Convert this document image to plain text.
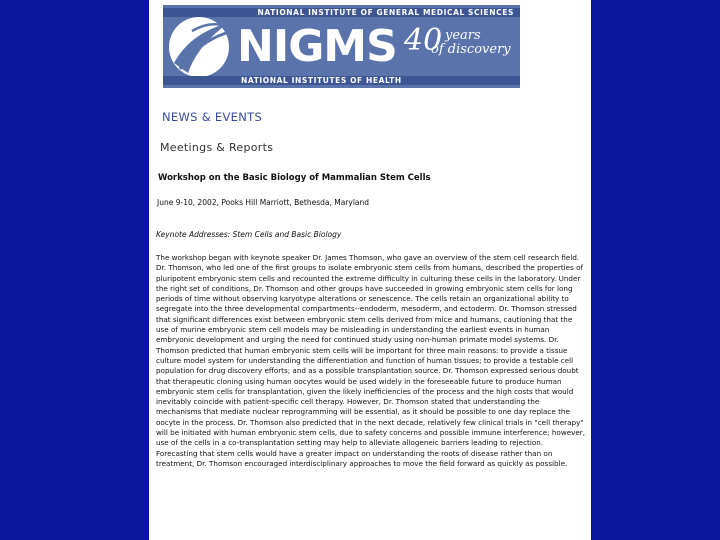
NATIONAL INSTITUTE OF GENERAL MEDICAL SCIENCES
NIGMS 40 years
of discovery
NATIONAL INSTITUTES OF HEALTH
NEWS & EVENTS
Meetings & Reports
Workshop on the Basic Biology of Mammalian Stem Cells
June 9-10, 2002, Pooks Hill Marriott, Bethesda, Maryland
Keynote Addresses: Stem Cells and Basic Biology

The workshop began with keynote speaker Dr. James Thomson, who gave an overview of the stem cell research field. Dr. Thomson, who led one of the first groups to isolate embryonic stem cells from humans, described the properties of pluripotent embryonic stem cells and recounted the extreme difficulty in culturing these cells in the laboratory. Under the right set of conditions, Dr. Thomson and other groups have succeeded in growing embryonic stem cells for long periods of time without observing karyotype alterations or senescence. The cells retain an organizational ability to segregate into the three developmental compartments--endoderm, mesoderm, and ectoderm. Dr. Thomson stressed that significant differences exist between embryonic stem cells derived from mice and humans, cautioning that the use of murine embryonic stem cell models may be misleading in understanding the earliest events in human embryonic development and urging the need for continued study using non-human primate model systems. Dr. Thomson predicted that human embryonic stem cells will be important for three main reasons: to provide a tissue culture model system for understanding the differentiation and function of human tissues; to provide a testable cell population for drug discovery efforts; and as a possible transplantation source. Dr. Thomson expressed serious doubt that therapeutic cloning using human oocytes would be used widely in the foreseeable future to produce human embryonic stem cells for transplantation, given the likely inefficiencies of the process and the high costs that would inevitably coincide with patient-specific cell therapy. However, Dr. Thomson stated that understanding the mechanisms that mediate nuclear reprogramming will be essential, as it should be possible to one day replace the oocyte in the process. Dr. Thomson also predicted that in the next decade, relatively few clinical trials in "cell therapy" will be initiated with human embryonic stem cells, due to safety concerns and possible immune interference; however, use of the cells in a co-transplantation setting may help to alleviate allogeneic barriers leading to rejection. Forecasting that stem cells would have a greater impact on understanding the roots of disease rather than on treatment, Dr. Thomson encouraged interdisciplinary approaches to move the field forward as quickly as possible.
